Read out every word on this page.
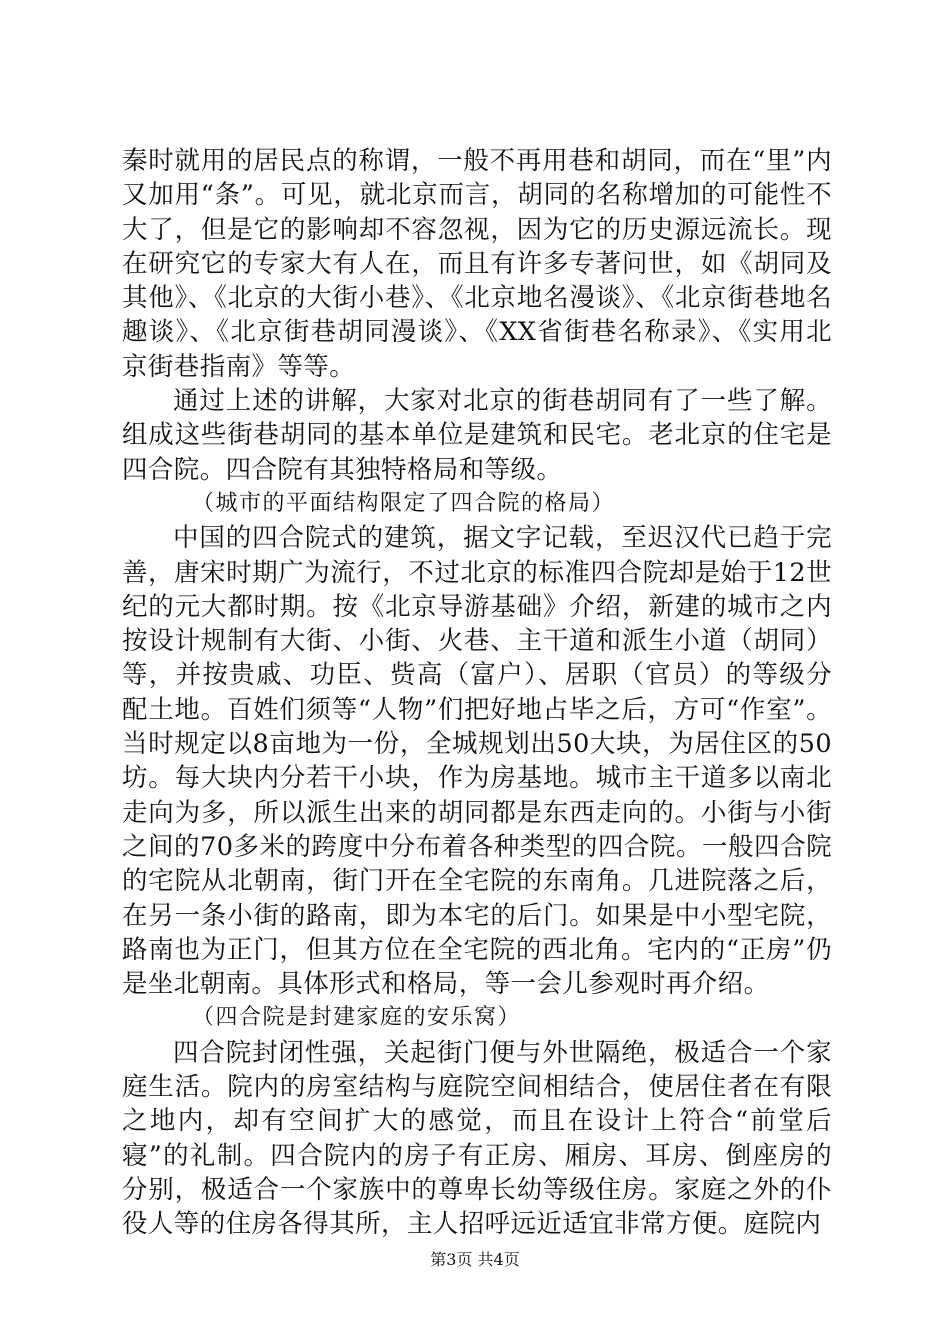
秦时就用的居民点的称谓，一般不再用巷和胡同，而在“里”内又加用“条”。可见，就北京而言，胡同的名称增加的可能性不大了，但是它的影响却不容忽视，因为它的历史源远流长。现在研究它的专家大有人在，而且有许多专著问世，如《胡同及其他》、《北京的大街小巷》、《北京地名漫谈》、《北京街巷地名趣谈》、《北京街巷胡同漫谈》、《XX省街巷名称录》、《实用北京街巷指南》等等。

通过上述的讲解，大家对北京的街巷胡同有了一些了解。组成这些街巷胡同的基本单位是建筑和民宅。老北京的住宅是四合院。四合院有其独特格局和等级。

（城市的平面结构限定了四合院的格局）

中国的四合院式的建筑，据文字记载，至迟汉代已趋于完善，唐宋时期广为流行，不过北京的标准四合院却是始于12世纪的元大都时期。按《北京导游基础》介绍，新建的城市之内按设计规制有大街、小街、火巷、主干道和派生小道（胡同）等，并按贵戚、功臣、赀高（富户）、居职（官员）的等级分配土地。百姓们须等“人物”们把好地占毕之后，方可“作室”。当时规定以8亩地为一份，全城规划出50大块，为居住区的50坊。每大块内分若干小块，作为房基地。城市主干道多以南北走向为多，所以派生出来的胡同都是东西走向的。小街与小街之间的70多米的跨度中分布着各种类型的四合院。一般四合院的宅院从北朝南，街门开在全宅院的东南角。几进院落之后，在另一条小街的路南，即为本宅的后门。如果是中小型宅院，路南也为正门，但其方位在全宅院的西北角。宅内的“正房”仍是坐北朝南。具体形式和格局，等一会儿参观时再介绍。

（四合院是封建家庭的安乐窝）

四合院封闭性强，关起街门便与外世隔绝，极适合一个家庭生活。院内的房室结构与庭院空间相结合，使居住者在有限之地内，却有空间扩大的感觉，而且在设计上符合“前堂后寝”的礼制。四合院内的房子有正房、厢房、耳房、倒座房的分别，极适合一个家族中的尊卑长幼等级住房。家庭之外的仆役人等的住房各得其所，主人招呼远近适宜非常方便。庭院内

第3页 共4页
